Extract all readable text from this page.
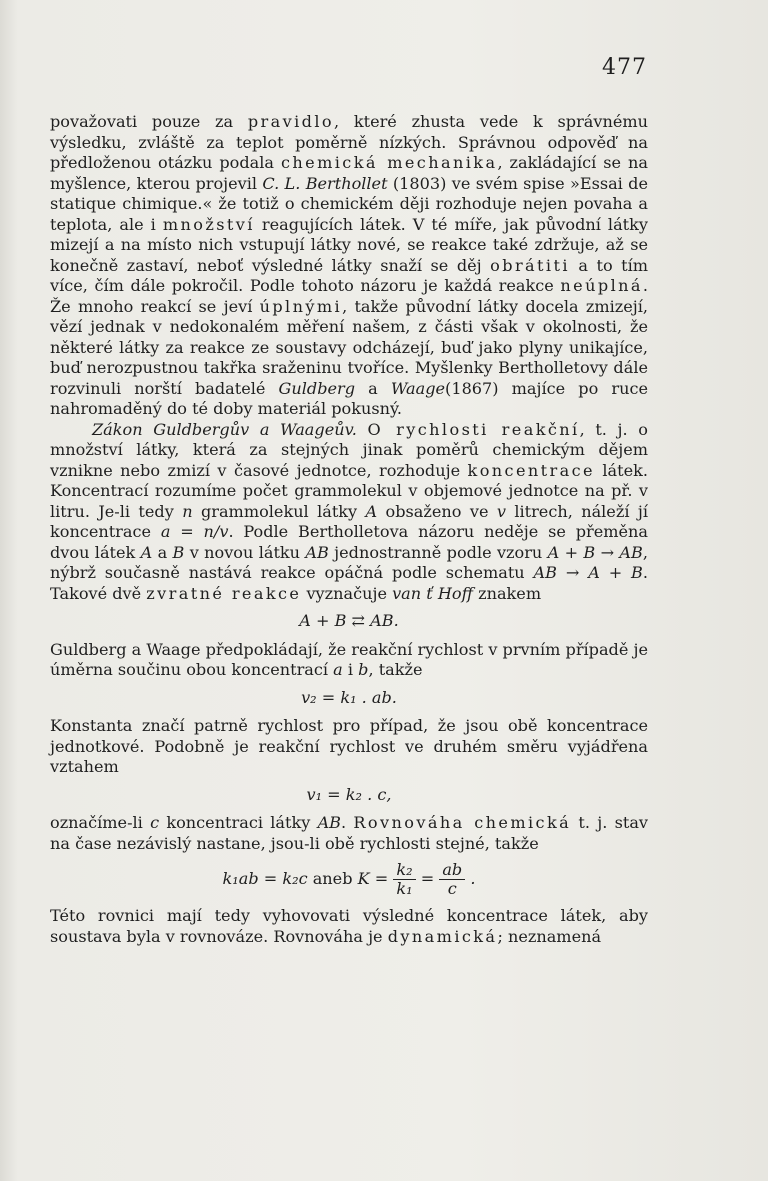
477

považovati pouze za pravidlo, které zhusta vede k správnému výsledku, zvláště za teplot poměrně nízkých. Správnou odpověď na předloženou otázku podala chemická mechanika, zakládající se na myšlence, kterou projevil C. L. Berthollet (1803) ve svém spise »Essai de statique chimique.« že totiž o chemickém ději rozhoduje nejen povaha a teplota, ale i množství reagujících látek. V té míře, jak původní látky mizejí a na místo nich vstupují látky nové, se reakce také zdržuje, až se konečně zastaví, neboť výsledné látky snaží se děj obrátiti a to tím více, čím dále pokročil. Podle tohoto názoru je každá reakce neúplná. Že mnoho reakcí se jeví úplnými, takže původní látky docela zmizejí, vězí jednak v nedokonalém měření našem, z části však v okolnosti, že některé látky za reakce ze soustavy odcházejí, buď jako plyny unikajíce, buď nerozpustnou takřka sraženinu tvoříce. Myšlenky Bertholletovy dále rozvinuli norští badatelé Guldberg a Waage(1867) majíce po ruce nahromaděný do té doby materiál pokusný.

Zákon Guldbergův a Waageův. O rychlosti reakční, t. j. o množství látky, která za stejných jinak poměrů chemickým dějem vznikne nebo zmizí v časové jednotce, rozhoduje koncentrace látek. Koncentrací rozumíme počet grammolekul v objemové jednotce na př. v litru. Je-li tedy n grammolekul látky A obsaženo ve v litrech, náleží jí koncentrace a = n/v. Podle Bertholletova názoru neděje se přeměna dvou látek A a B v novou látku AB jednostranně podle vzoru A + B → AB, nýbrž současně nastává reakce opáčná podle schematu AB → A + B. Takové dvě zvratné reakce vyznačuje van ť Hoff znakem

A + B ⇄ AB.

Guldberg a Waage předpokládají, že reakční rychlost v prvním případě je úměrna součinu obou koncentrací a i b, takže

v₂ = k₁ . ab.

Konstanta značí patrně rychlost pro případ, že jsou obě koncentrace jednotkové. Podobně je reakční rychlost ve druhém směru vyjádřena vztahem

v₁ = k₂ . c,

označíme-li c koncentraci látky AB. Rovnováha chemická t. j. stav na čase nezávislý nastane, jsou-li obě rychlosti stejné, takže

k₁ab = k₂c aneb $K = \frac{\text{k₂}}{\text{k₁}} = \frac{ab}{c}$ .

Této rovnici mají tedy vyhovovati výsledné koncentrace látek, aby soustava byla v rovnováze. Rovnováha je dynamická; neznamená
